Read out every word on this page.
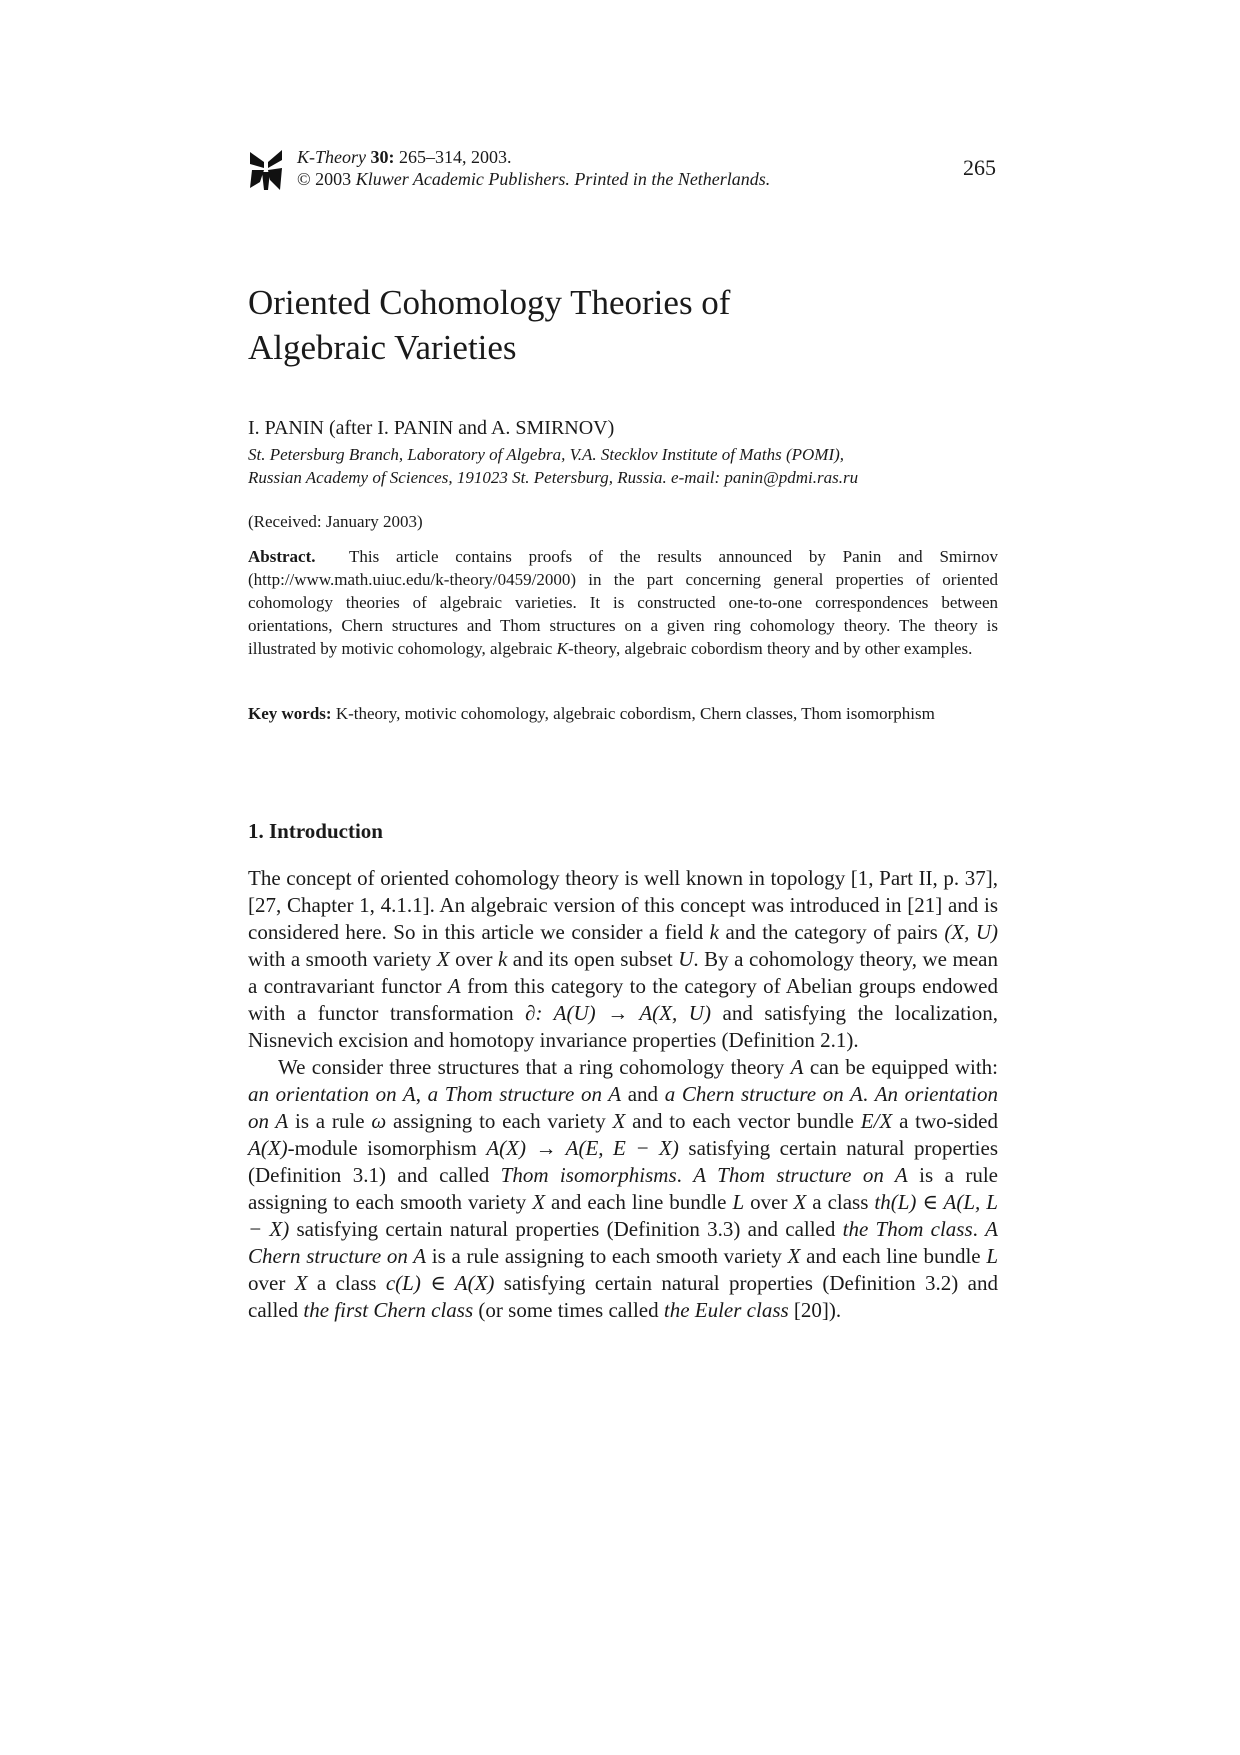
K-Theory 30: 265–314, 2003.
© 2003 Kluwer Academic Publishers. Printed in the Netherlands.	265
Oriented Cohomology Theories of
Algebraic Varieties
I. PANIN (after I. PANIN and A. SMIRNOV)
St. Petersburg Branch, Laboratory of Algebra, V.A. Stecklov Institute of Maths (POMI),
Russian Academy of Sciences, 191023 St. Petersburg, Russia. e-mail: panin@pdmi.ras.ru
(Received: January 2003)

Abstract. This article contains proofs of the results announced by Panin and Smirnov (http://www.math.uiuc.edu/k-theory/0459/2000) in the part concerning general properties of oriented cohomology theories of algebraic varieties. It is constructed one-to-one correspondences between orientations, Chern structures and Thom structures on a given ring cohomology theory. The theory is illustrated by motivic cohomology, algebraic K-theory, algebraic cobordism theory and by other examples.

Key words: K-theory, motivic cohomology, algebraic cobordism, Chern classes, Thom isomorphism

1. Introduction

The concept of oriented cohomology theory is well known in topology [1, Part II, p. 37], [27, Chapter 1, 4.1.1]. An algebraic version of this concept was introduced in [21] and is considered here. So in this article we consider a field k and the category of pairs (X, U) with a smooth variety X over k and its open subset U. By a cohomology theory, we mean a contravariant functor A from this category to the category of Abelian groups endowed with a functor transformation ∂: A(U) → A(X, U) and satisfying the localization, Nisnevich excision and homotopy invariance properties (Definition 2.1).

We consider three structures that a ring cohomology theory A can be equipped with: an orientation on A, a Thom structure on A and a Chern structure on A. An orientation on A is a rule ω assigning to each variety X and to each vector bundle E/X a two-sided A(X)-module isomorphism A(X) → A(E, E − X) satisfying certain natural properties (Definition 3.1) and called Thom isomorphisms. A Thom structure on A is a rule assigning to each smooth variety X and each line bundle L over X a class th(L) ∈ A(L, L − X) satisfying certain natural properties (Definition 3.3) and called the Thom class. A Chern structure on A is a rule assigning to each smooth variety X and each line bundle L over X a class c(L) ∈ A(X) satisfying certain natural properties (Definition 3.2) and called the first Chern class (or some times called the Euler class [20]).
